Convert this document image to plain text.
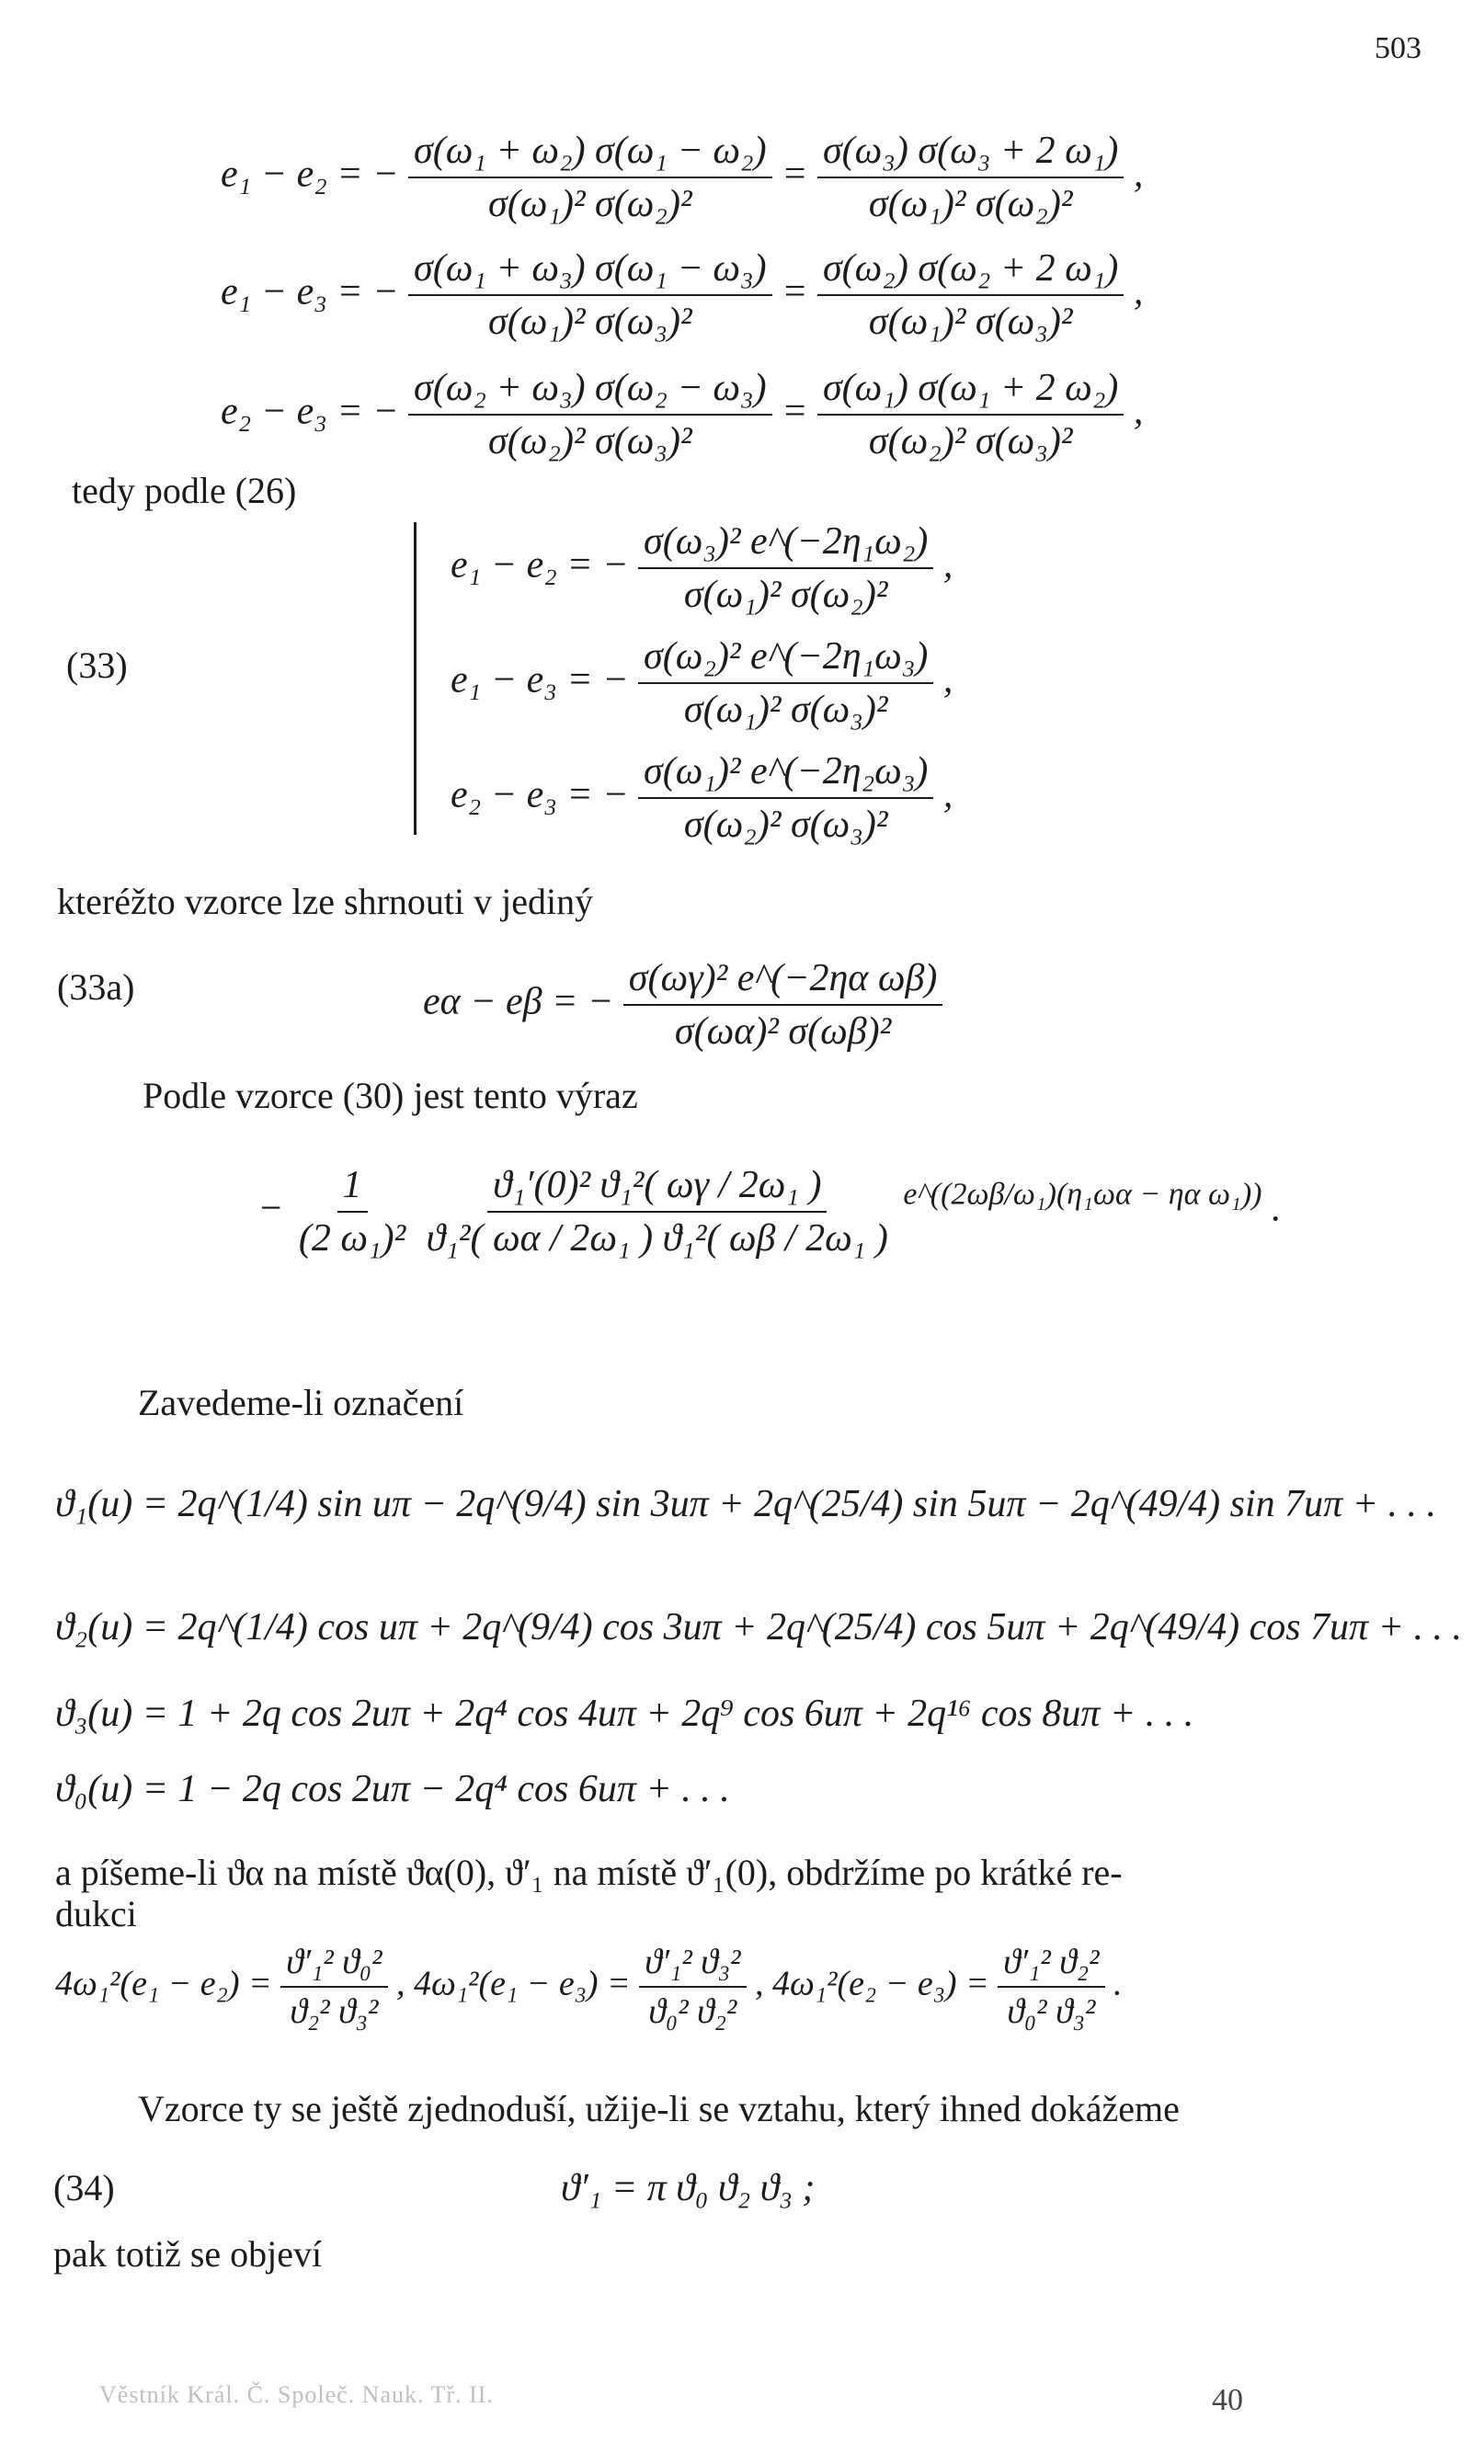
503
e₁ − e₂ = − $\frac{\text{σ(ω₁ + ω₂) σ(ω₁ − ω₂)}}{\text{σ(ω₁)² σ(ω₂)²}} = \frac{\text{σ(ω₃) σ(ω₃ + 2 ω₁)}}{\text{σ(ω₁)² σ(ω₂)²}}$ ,
e₁ − e₃ = − $\frac{\text{σ(ω₁ + ω₃) σ(ω₁ − ω₃)}}{\text{σ(ω₁)² σ(ω₃)²}} = \frac{\text{σ(ω₂) σ(ω₂ + 2 ω₁)}}{\text{σ(ω₁)² σ(ω₃)²}}$ ,
e₂ − e₃ = − $\frac{\text{σ(ω₂ + ω₃) σ(ω₂ − ω₃)}}{\text{σ(ω₂)² σ(ω₃)²}} = \frac{\text{σ(ω₁) σ(ω₁ + 2 ω₂)}}{\text{σ(ω₂)² σ(ω₃)²}}$ ,
tedy podle (26)
(33)
e₁ − e₂ = − $\frac{\text{σ(ω₃)² e\textasciicircum{}(−2η₁ω₂)}}{\text{σ(ω₁)² σ(ω₂)²}}$ ,
e₁ − e₃ = − $\frac{\text{σ(ω₂)² e\textasciicircum{}(−2η₁ω₃)}}{\text{σ(ω₁)² σ(ω₃)²}}$ ,
e₂ − e₃ = − $\frac{\text{σ(ω₁)² e\textasciicircum{}(−2η₂ω₃)}}{\text{σ(ω₂)² σ(ω₃)²}}$ ,
kteréžto vzorce lze shrnouti v jediný
(33a)	eα − eβ = − $\frac{\text{σ(ωγ)² e\textasciicircum{}(−2ηα ωβ)}}{\text{σ(ωα)² σ(ωβ)²}}$
Podle vzorce (30) jest tento výraz
− $\frac{1}{\text{(2 ω₁)²}}$
$\frac{\text{ϑ₁′(0)² ϑ₁²( ωγ / 2ω₁ )}}{\text{ϑ₁²( ωα / 2ω₁ ) ϑ₁²( ωβ / 2ω₁ )}} ^{e\^{}((2\omega\beta/\omega_1)(\eta_1\omega\alpha - \eta\alpha \omega_1))}$ .
Zavedeme-li označení
ϑ₁(u) = 2q^(1/4) sin uπ − 2q^(9/4) sin 3uπ + 2q^(25/4) sin 5uπ − 2q^(49/4) sin 7uπ + . . .
ϑ₂(u) = 2q^(1/4) cos uπ + 2q^(9/4) cos 3uπ + 2q^(25/4) cos 5uπ + 2q^(49/4) cos 7uπ + . . .
ϑ₃(u) = 1 + 2q cos 2uπ + 2q⁴ cos 4uπ + 2q⁹ cos 6uπ + 2q¹⁶ cos 8uπ + . . .
ϑ₀(u) = 1 − 2q cos 2uπ − 2q⁴ cos 6uπ + . . .
a píšeme-li ϑα na místě ϑα(0), ϑ′₁ na místě ϑ′₁(0), obdržíme po krátké re-
dukci
$4\omega_1^2(e_1 - e_2) = \frac{\text{ϑ′₁² ϑ₀²}}{\text{ϑ₂² ϑ₃²}}$ , $4\omega_1^2(e_1 - e_3) = \frac{\text{ϑ′₁² ϑ₃²}}{\text{ϑ₀² ϑ₂²}}$ , $4\omega_1^2(e_2 - e_3) = \frac{\text{ϑ′₁² ϑ₂²}}{\text{ϑ₀² ϑ₃²}}$ .
Vzorce ty se ještě zjednoduší, užije-li se vztahu, který ihned dokážeme
(34)	ϑ′₁ = π ϑ₀ ϑ₂ ϑ₃ ;
pak totiž se objeví
Věstník Král. Č. Společ. Nauk. Tř. II.	40
